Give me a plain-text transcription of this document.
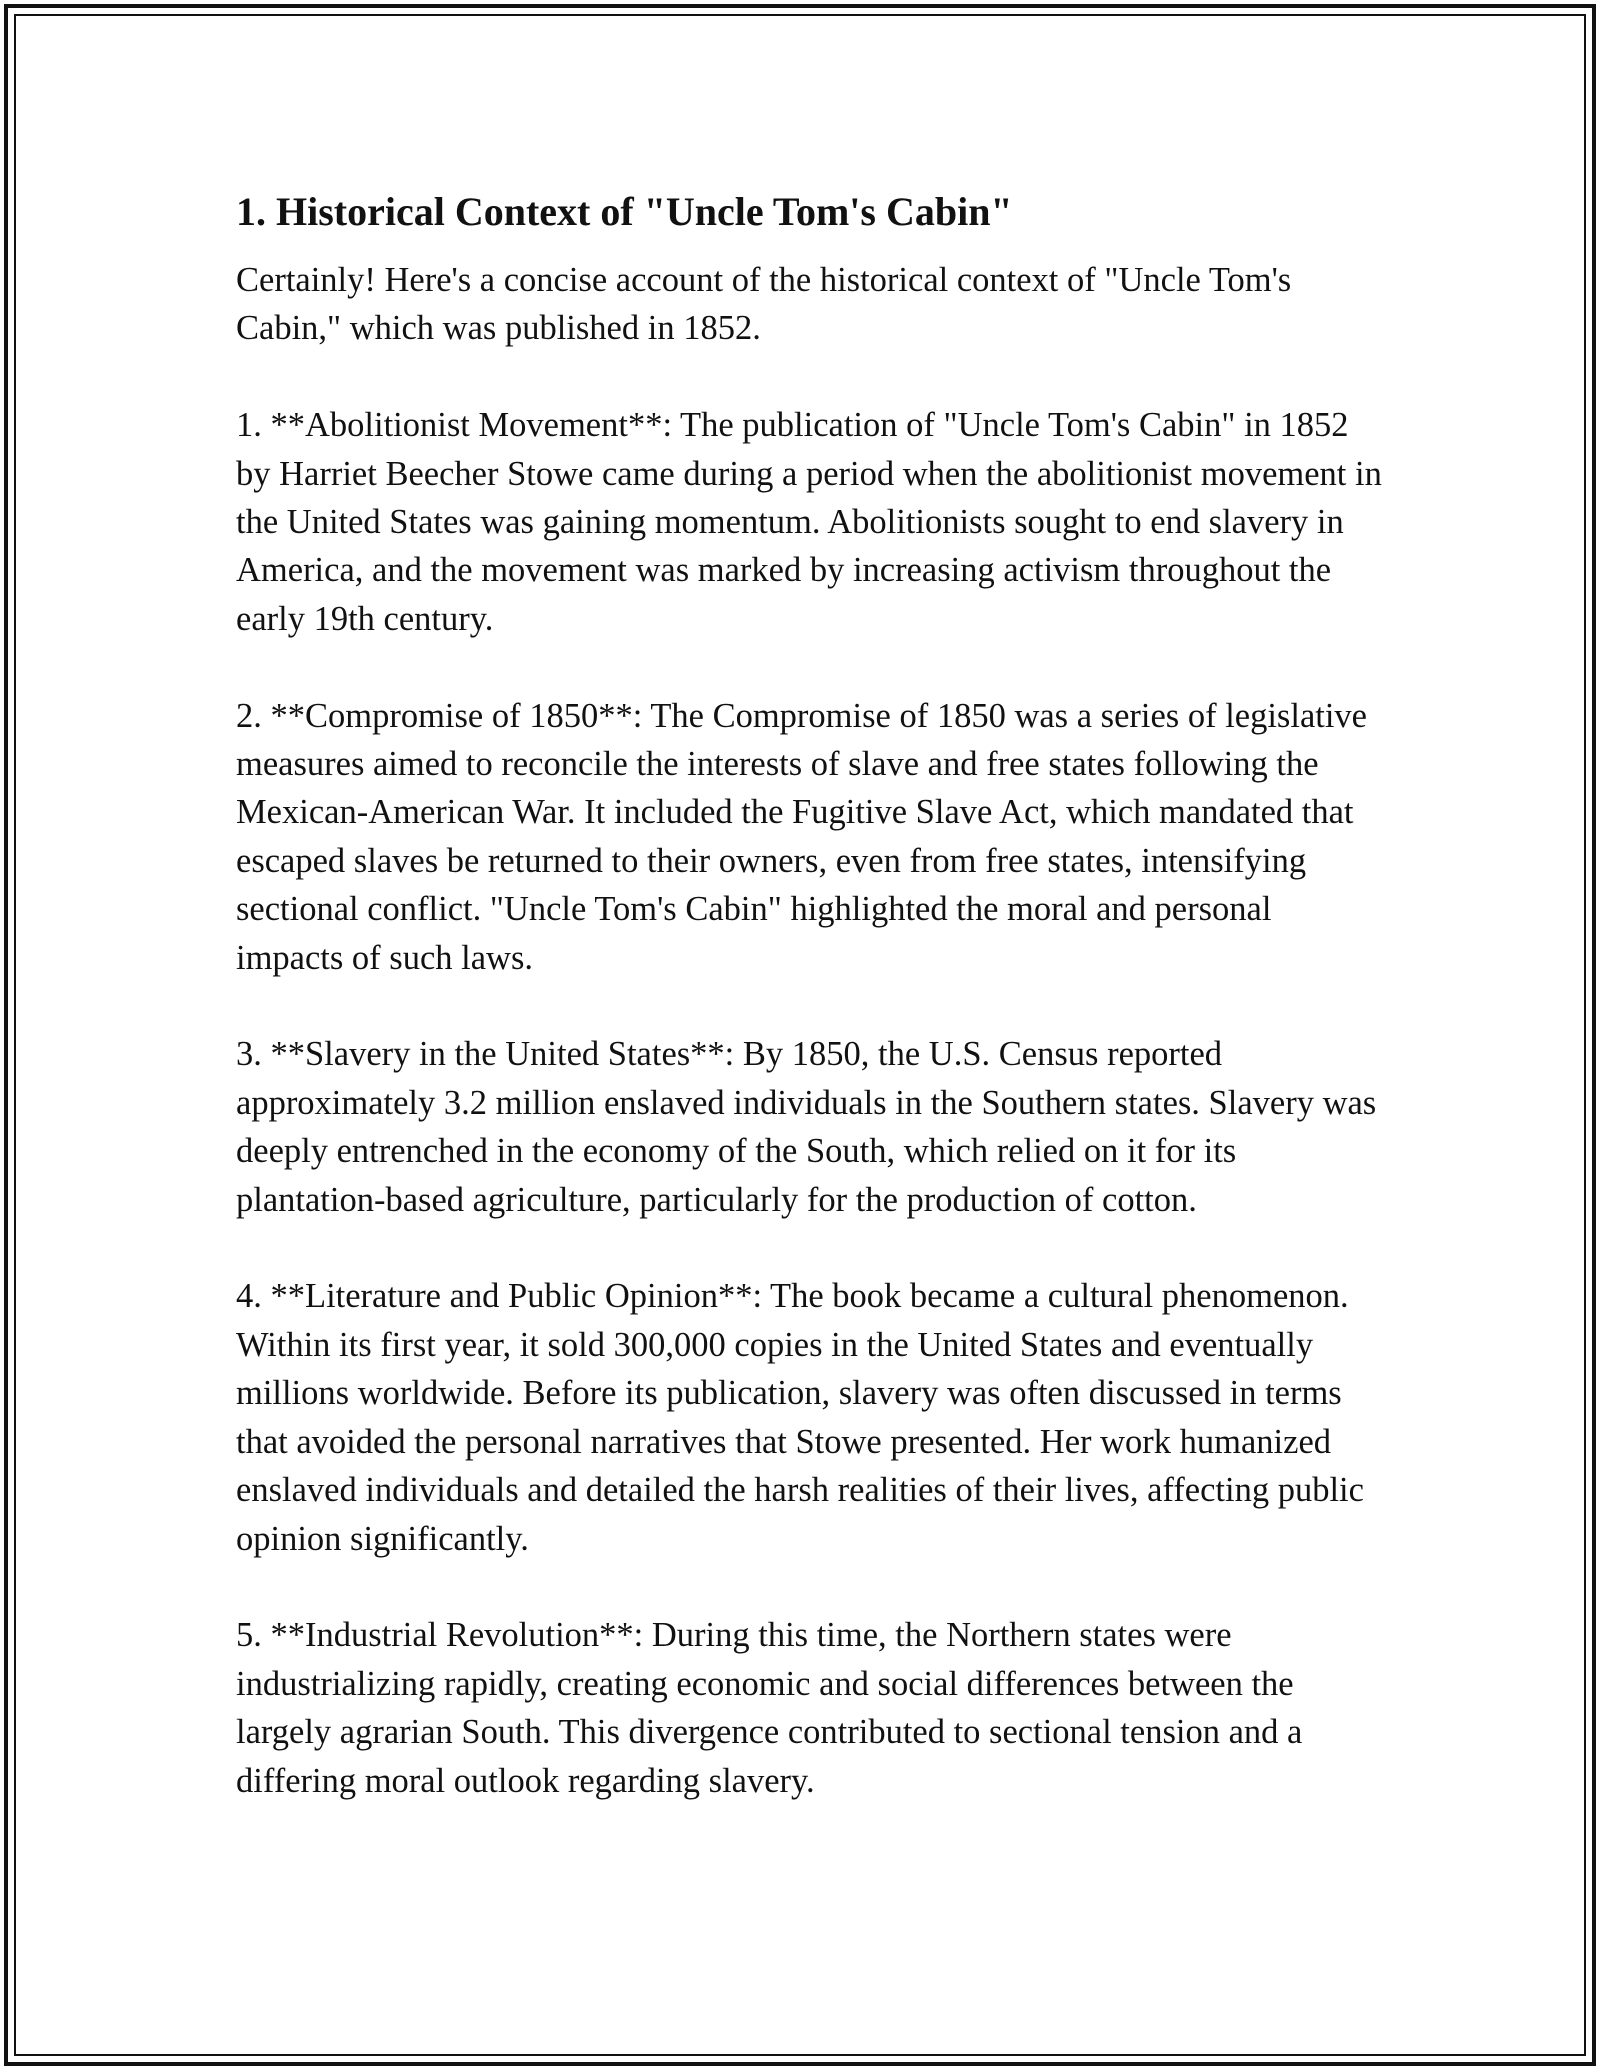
1. Historical Context of "Uncle Tom's Cabin"

Certainly! Here's a concise account of the historical context of "Uncle Tom's Cabin," which was published in 1852.

1. **Abolitionist Movement**: The publication of "Uncle Tom's Cabin" in 1852 by Harriet Beecher Stowe came during a period when the abolitionist movement in the United States was gaining momentum. Abolitionists sought to end slavery in America, and the movement was marked by increasing activism throughout the early 19th century.

2. **Compromise of 1850**: The Compromise of 1850 was a series of legislative measures aimed to reconcile the interests of slave and free states following the Mexican-American War. It included the Fugitive Slave Act, which mandated that escaped slaves be returned to their owners, even from free states, intensifying sectional conflict. "Uncle Tom's Cabin" highlighted the moral and personal impacts of such laws.

3. **Slavery in the United States**: By 1850, the U.S. Census reported approximately 3.2 million enslaved individuals in the Southern states. Slavery was deeply entrenched in the economy of the South, which relied on it for its plantation-based agriculture, particularly for the production of cotton.

4. **Literature and Public Opinion**: The book became a cultural phenomenon. Within its first year, it sold 300,000 copies in the United States and eventually millions worldwide. Before its publication, slavery was often discussed in terms that avoided the personal narratives that Stowe presented. Her work humanized enslaved individuals and detailed the harsh realities of their lives, affecting public opinion significantly.

5. **Industrial Revolution**: During this time, the Northern states were industrializing rapidly, creating economic and social differences between the largely agrarian South. This divergence contributed to sectional tension and a differing moral outlook regarding slavery.
